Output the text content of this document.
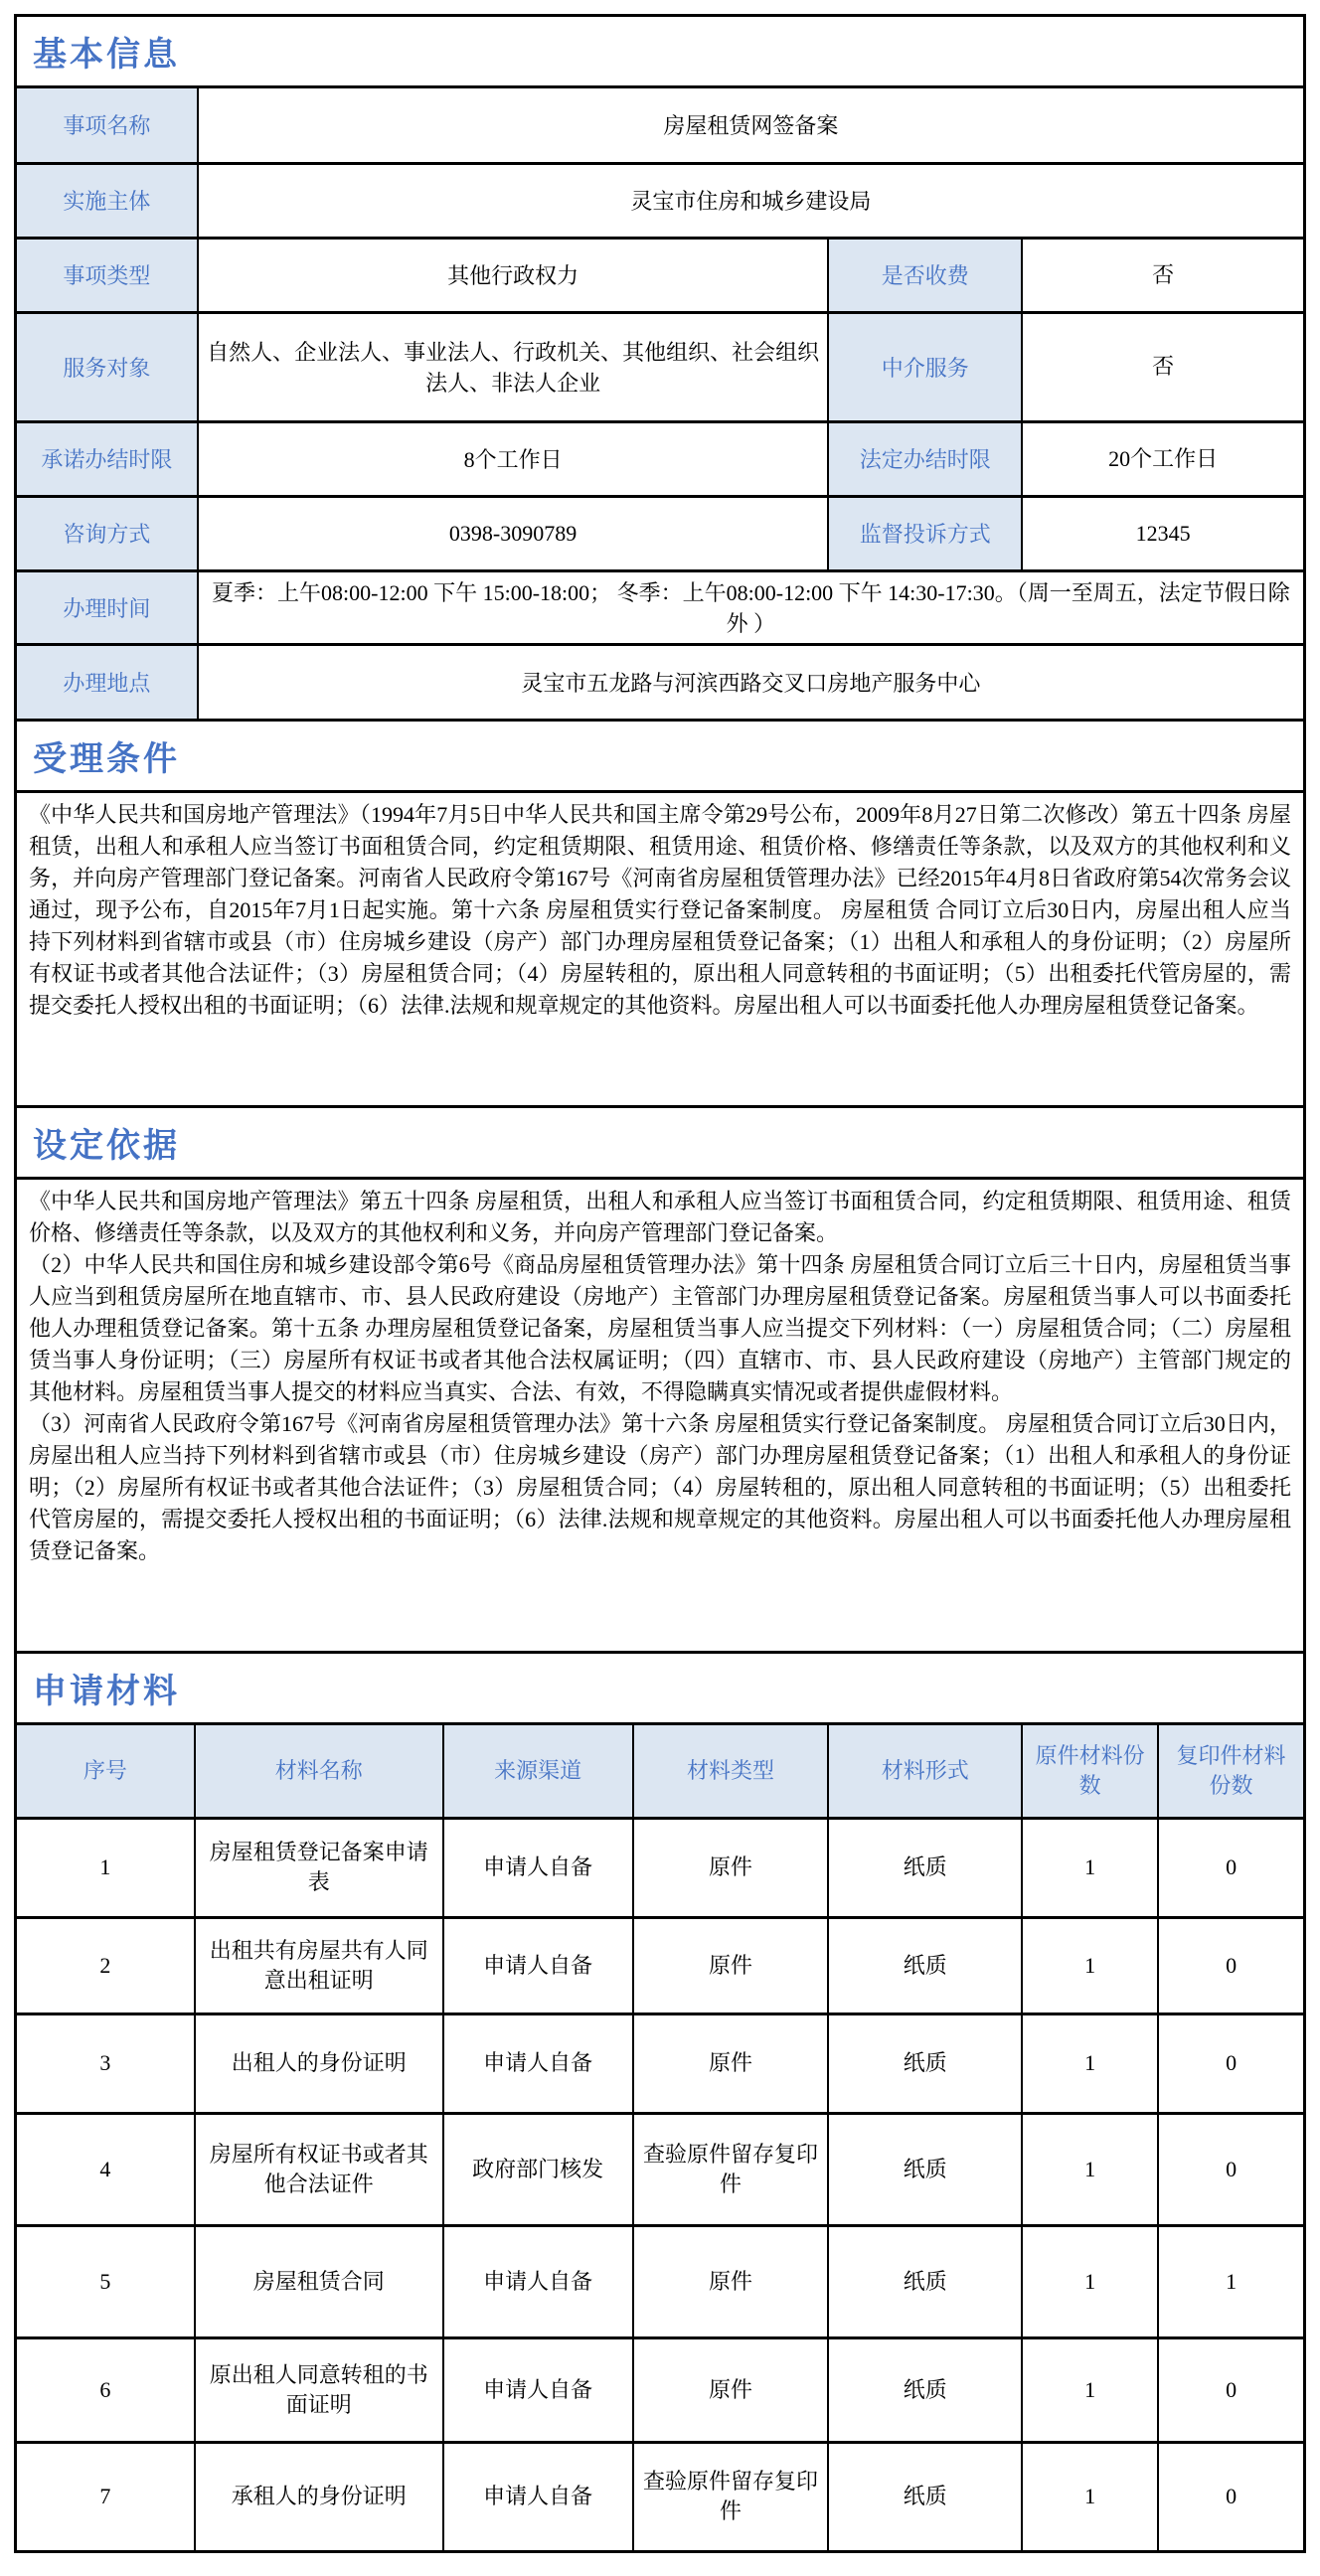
基本信息
事项名称	房屋租赁网签备案		
实施主体	灵宝市住房和城乡建设局		
事项类型	其他行政权力	是否收费	否
服务对象	自然人、企业法人、事业法人、行政机关、其他组织、社会组织法人、非法人企业	中介服务	否
承诺办结时限	8个工作日	法定办结时限	20个工作日
咨询方式	0398-3090789	监督投诉方式	12345
办理时间	夏季：上午08:00-12:00 下午 15:00-18:00； 冬季：上午08:00-12:00 下午 14:30-17:30。（周一至周五，法定节假日除外 ）		
办理地点	灵宝市五龙路与河滨西路交叉口房地产服务中心		
受理条件

《中华人民共和国房地产管理法》（1994年7月5日中华人民共和国主席令第29号公布，2009年8月27日第二次修改）第五十四条 房屋租赁，出租人和承租人应当签订书面租赁合同，约定租赁期限、租赁用途、租赁价格、修缮责任等条款，以及双方的其他权利和义务，并向房产管理部门登记备案。河南省人民政府令第167号《河南省房屋租赁管理办法》已经2015年4月8日省政府第54次常务会议通过，现予公布，自2015年7月1日起实施。第十六条 房屋租赁实行登记备案制度。 房屋租赁 合同订立后30日内，房屋出租人应当持下列材料到省辖市或县（市）住房城乡建设（房产）部门办理房屋租赁登记备案；（1）出租人和承租人的身份证明；（2）房屋所有权证书或者其他合法证件；（3）房屋租赁合同；（4）房屋转租的，原出租人同意转租的书面证明；（5）出租委托代管房屋的，需提交委托人授权出租的书面证明；（6）法律.法规和规章规定的其他资料。房屋出租人可以书面委托他人办理房屋租赁登记备案。

设定依据

《中华人民共和国房地产管理法》第五十四条 房屋租赁，出租人和承租人应当签订书面租赁合同，约定租赁期限、租赁用途、租赁价格、修缮责任等条款，以及双方的其他权利和义务，并向房产管理部门登记备案。

（2）中华人民共和国住房和城乡建设部令第6号《商品房屋租赁管理办法》第十四条 房屋租赁合同订立后三十日内，房屋租赁当事人应当到租赁房屋所在地直辖市、市、县人民政府建设（房地产）主管部门办理房屋租赁登记备案。房屋租赁当事人可以书面委托他人办理租赁登记备案。第十五条 办理房屋租赁登记备案，房屋租赁当事人应当提交下列材料：（一）房屋租赁合同；（二）房屋租赁当事人身份证明；（三）房屋所有权证书或者其他合法权属证明；（四）直辖市、市、县人民政府建设（房地产）主管部门规定的其他材料。房屋租赁当事人提交的材料应当真实、合法、有效，不得隐瞒真实情况或者提供虚假材料。

（3）河南省人民政府令第167号《河南省房屋租赁管理办法》第十六条 房屋租赁实行登记备案制度。 房屋租赁合同订立后30日内，房屋出租人应当持下列材料到省辖市或县（市）住房城乡建设（房产）部门办理房屋租赁登记备案；（1）出租人和承租人的身份证明；（2）房屋所有权证书或者其他合法证件；（3）房屋租赁合同；（4）房屋转租的，原出租人同意转租的书面证明；（5）出租委托代管房屋的，需提交委托人授权出租的书面证明；（6）法律.法规和规章规定的其他资料。房屋出租人可以书面委托他人办理房屋租赁登记备案。

申请材料
序号	材料名称	来源渠道	材料类型	材料形式	原件材料份数	复印件材料份数
1	房屋租赁登记备案申请表	申请人自备	原件	纸质	1	0
2	出租共有房屋共有人同意出租证明	申请人自备	原件	纸质	1	0
3	出租人的身份证明	申请人自备	原件	纸质	1	0
4	房屋所有权证书或者其他合法证件	政府部门核发	查验原件留存复印件	纸质	1	0
5	房屋租赁合同	申请人自备	原件	纸质	1	1
6	原出租人同意转租的书面证明	申请人自备	原件	纸质	1	0
7	承租人的身份证明	申请人自备	查验原件留存复印件	纸质	1	0
